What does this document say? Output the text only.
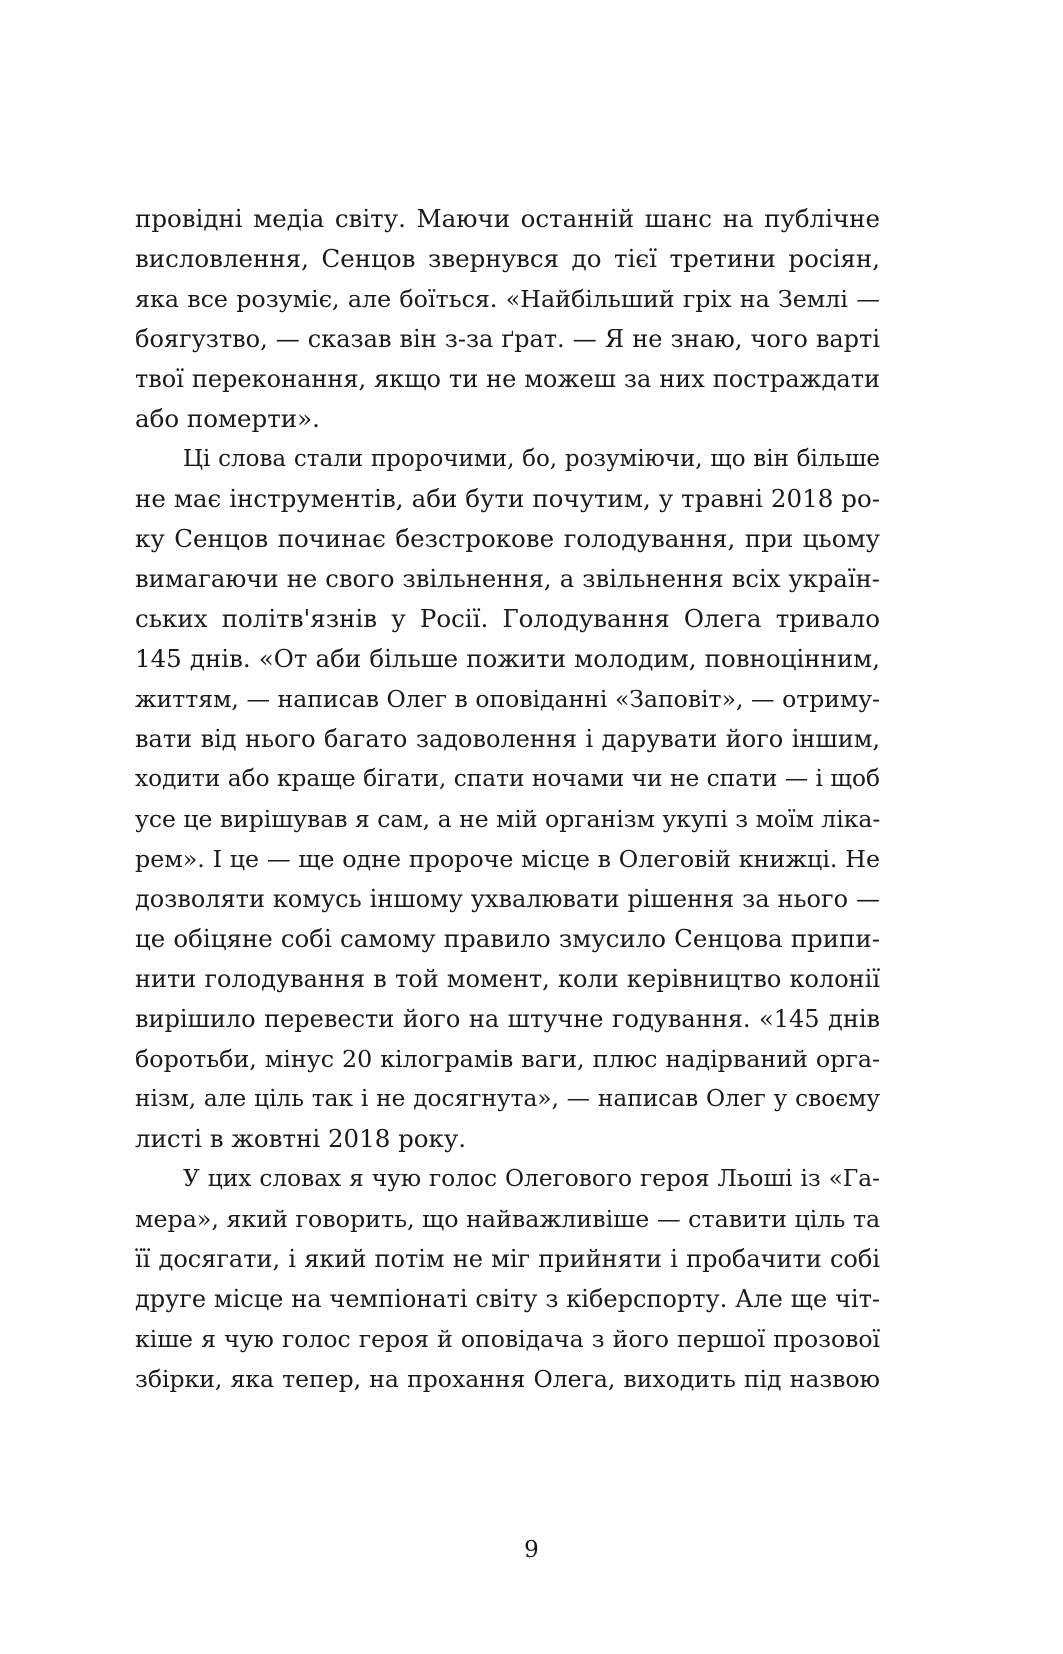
провідні медіа світу. Маючи останній шанс на публічне
висловлення, Сенцов звернувся до тієї третини росіян,
яка все розуміє, але боїться. «Найбільший гріх на Землі —
боягузтво, — сказав він з-за ґрат. — Я не знаю, чого варті
твої переконання, якщо ти не можеш за них постраждати
або померти».
Ці слова стали пророчими, бо, розуміючи, що він більше
не має інструментів, аби бути почутим, у травні 2018 ро-
ку Сенцов починає безстрокове голодування, при цьому
вимагаючи не свого звільнення, а звільнення всіх україн-
ських політв'язнів у Росії. Голодування Олега тривало
145 днів. «От аби більше пожити молодим, повноцінним,
життям, — написав Олег в оповіданні «Заповіт», — отриму-
вати від нього багато задоволення і дарувати його іншим,
ходити або краще бігати, спати ночами чи не спати — і щоб
усе це вирішував я сам, а не мій організм укупі з моїм ліка-
рем». І це — ще одне пророче місце в Олеговій книжці. Не
дозволяти комусь іншому ухвалювати рішення за нього —
це обіцяне собі самому правило змусило Сенцова припи-
нити голодування в той момент, коли керівництво колонії
вирішило перевести його на штучне годування. «145 днів
боротьби, мінус 20 кілограмів ваги, плюс надірваний орга-
нізм, але ціль так і не досягнута», — написав Олег у своєму
листі в жовтні 2018 року.
У цих словах я чую голос Олегового героя Льоші із «Га-
мера», який говорить, що найважливіше — ставити ціль та
її досягати, і який потім не міг прийняти і пробачити собі
друге місце на чемпіонаті світу з кіберспорту. Але ще чіт-
кіше я чую голос героя й оповідача з його першої прозової
збірки, яка тепер, на прохання Олега, виходить під назвою
9
